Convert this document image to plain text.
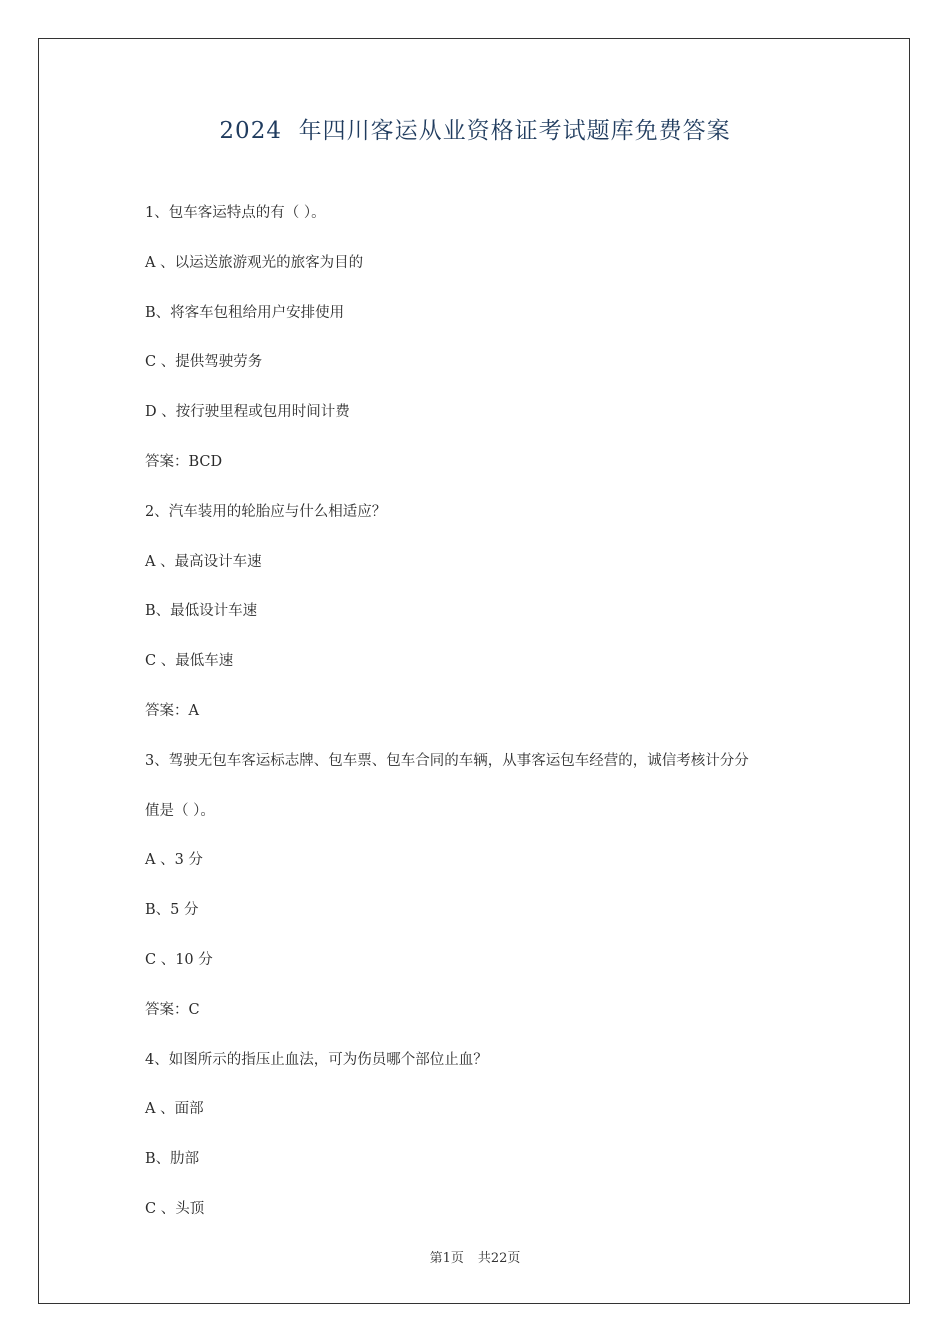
2024  年四川客运从业资格证考试题库免费答案
1、包车客运特点的有（ ）。
A 、以运送旅游观光的旅客为目的
B、将客车包租给用户安排使用
C 、提供驾驶劳务
D 、按行驶里程或包用时间计费
答案：BCD
2、汽车装用的轮胎应与什么相适应？
A 、最高设计车速
B、最低设计车速
C 、最低车速
答案：A
3、驾驶无包车客运标志牌、包车票、包车合同的车辆，从事客运包车经营的，诚信考核计分分
值是（ ）。
A 、3 分
B、5 分
C 、10 分
答案：C
4、如图所示的指压止血法，可为伤员哪个部位止血？
A 、面部
B、肋部
C 、头顶
第1页 共22页
